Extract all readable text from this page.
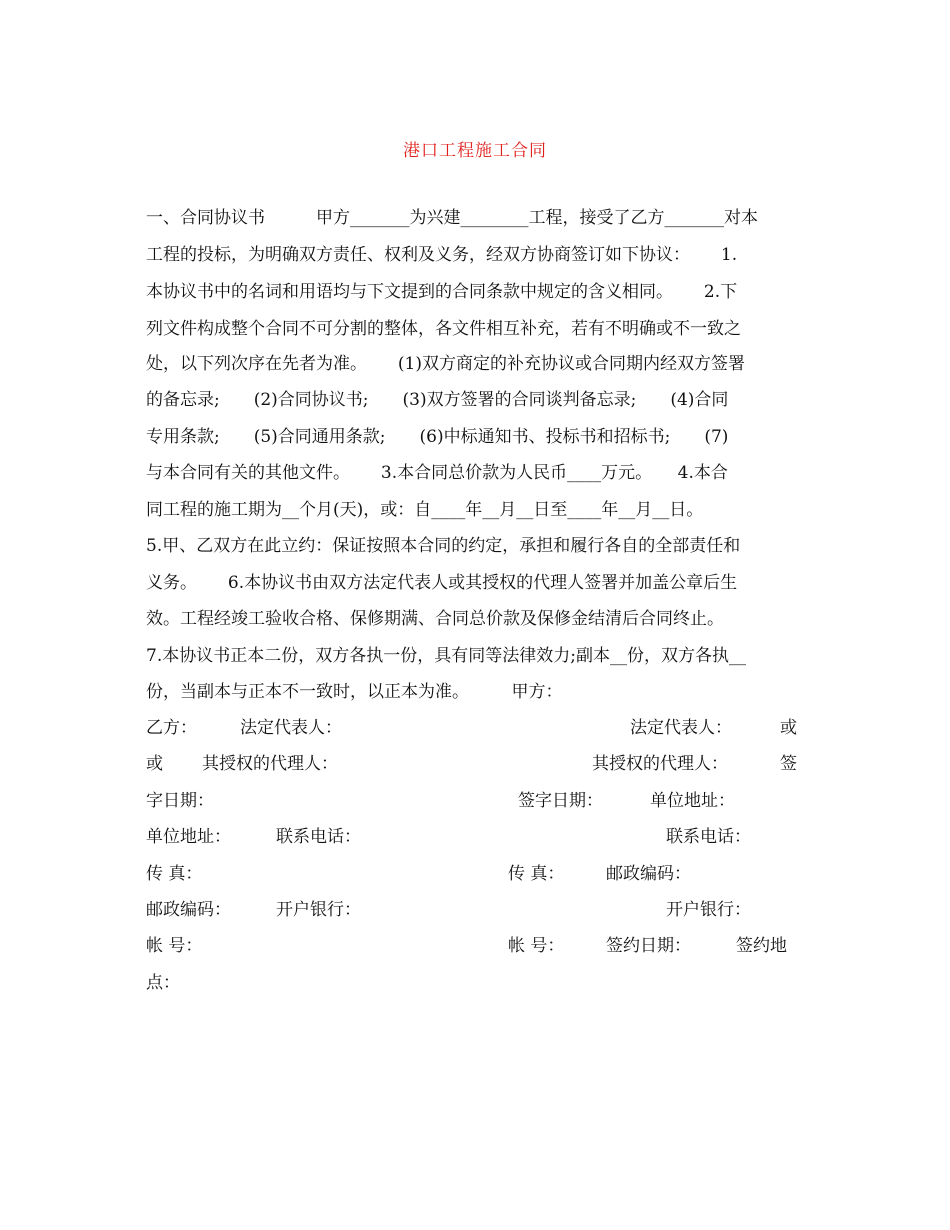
港口工程施工合同
一、合同协议书　　　甲方_______为兴建________工程，接受了乙方_______对本
工程的投标，为明确双方责任、权利及义务，经双方协商签订如下协议：　　 1.
本协议书中的名词和用语均与下文提到的合同条款中规定的含义相同。　　 2.下
列文件构成整个合同不可分割的整体，各文件相互补充，若有不明确或不一致之
处，以下列次序在先者为准。　　 (1)双方商定的补充协议或合同期内经双方签署
的备忘录;　　(2)合同协议书;　　(3)双方签署的合同谈判备忘录;　　(4)合同
专用条款;　　(5)合同通用条款;　　(6)中标通知书、投标书和招标书;　　(7)
与本合同有关的其他文件。　　 3.本合同总价款为人民币____万元。　　4.本合
同工程的施工期为__个月(天)，或：自____年__月__日至____年__月__日。
5.甲、乙双方在此立约：保证按照本合同的约定，承担和履行各自的全部责任和
义务。　　 6.本协议书由双方法定代表人或其授权的代理人签署并加盖公章后生
效。工程经竣工验收合格、保修期满、合同总价款及保修金结清后合同终止。
7.本协议书正本二份，双方各执一份，具有同等法律效力;副本__份，双方各执__
份，当副本与正本不一致时，以正本为准。　　　甲方：
乙方：	法定代表人：	法定代表人：	或
或 其授权的代理人：	其授权的代理人：	签
字日期：	签字日期：	单位地址：
单位地址：	联系电话：	联系电话：
传 真：	传 真： 邮政编码：
邮政编码：	开户银行：	开户银行：
帐 号：	帐 号： 签约日期：	签约地
点：
